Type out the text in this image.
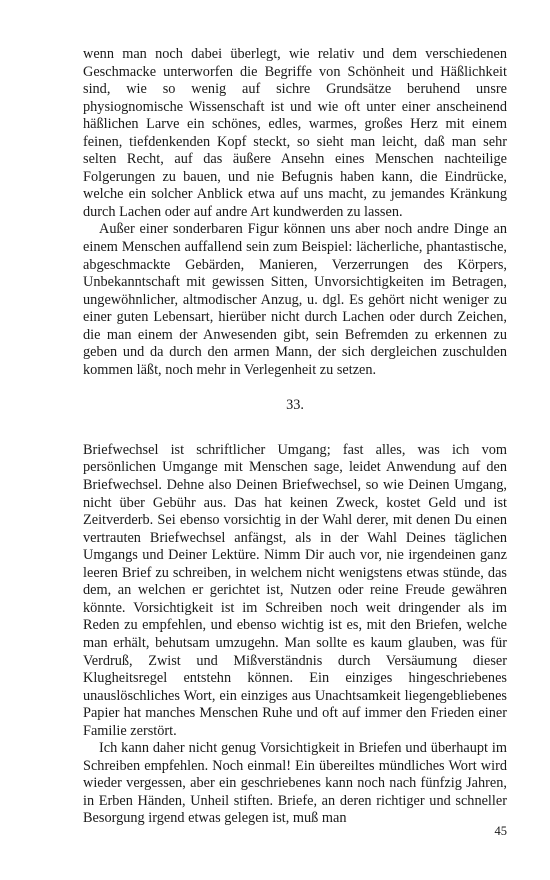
wenn man noch dabei überlegt, wie relativ und dem verschiedenen Geschmacke unterworfen die Begriffe von Schönheit und Häßlichkeit sind, wie so wenig auf sichre Grundsätze beruhend unsre physiognomische Wissenschaft ist und wie oft unter einer anscheinend häßlichen Larve ein schönes, edles, warmes, großes Herz mit einem feinen, tiefdenkenden Kopf steckt, so sieht man leicht, daß man sehr selten Recht, auf das äußere Ansehn eines Menschen nachteilige Folgerungen zu bauen, und nie Befugnis haben kann, die Eindrücke, welche ein solcher Anblick etwa auf uns macht, zu jemandes Kränkung durch Lachen oder auf andre Art kundwerden zu lassen.

Außer einer sonderbaren Figur können uns aber noch andre Dinge an einem Menschen auffallend sein zum Beispiel: lächerliche, phantastische, abgeschmackte Gebärden, Manieren, Verzerrungen des Körpers, Unbekanntschaft mit gewissen Sitten, Unvorsichtigkeiten im Betragen, ungewöhnlicher, altmodischer Anzug, u. dgl. Es gehört nicht weniger zu einer guten Lebensart, hierüber nicht durch Lachen oder durch Zeichen, die man einem der Anwesenden gibt, sein Befremden zu erkennen zu geben und da durch den armen Mann, der sich dergleichen zuschulden kommen läßt, noch mehr in Verlegenheit zu setzen.

33.

Briefwechsel ist schriftlicher Umgang; fast alles, was ich vom persönlichen Umgange mit Menschen sage, leidet Anwendung auf den Briefwechsel. Dehne also Deinen Briefwechsel, so wie Deinen Umgang, nicht über Gebühr aus. Das hat keinen Zweck, kostet Geld und ist Zeitverderb. Sei ebenso vorsichtig in der Wahl derer, mit denen Du einen vertrauten Briefwechsel anfängst, als in der Wahl Deines täglichen Umgangs und Deiner Lektüre. Nimm Dir auch vor, nie irgendeinen ganz leeren Brief zu schreiben, in welchem nicht wenigstens etwas stünde, das dem, an welchen er gerichtet ist, Nutzen oder reine Freude gewähren könnte. Vorsichtigkeit ist im Schreiben noch weit dringender als im Reden zu empfehlen, und ebenso wichtig ist es, mit den Briefen, welche man erhält, behutsam umzugehn. Man sollte es kaum glauben, was für Verdruß, Zwist und Mißverständnis durch Versäumung dieser Klugheitsregel entstehn können. Ein einziges hingeschriebenes unauslöschliches Wort, ein einziges aus Unachtsamkeit liegengebliebenes Papier hat manches Menschen Ruhe und oft auf immer den Frieden einer Familie zerstört.

Ich kann daher nicht genug Vorsichtigkeit in Briefen und überhaupt im Schreiben empfehlen. Noch einmal! Ein übereiltes mündliches Wort wird wieder vergessen, aber ein geschriebenes kann noch nach fünfzig Jahren, in Erben Händen, Unheil stiften. Briefe, an deren richtiger und schneller Besorgung irgend etwas gelegen ist, muß man

45
